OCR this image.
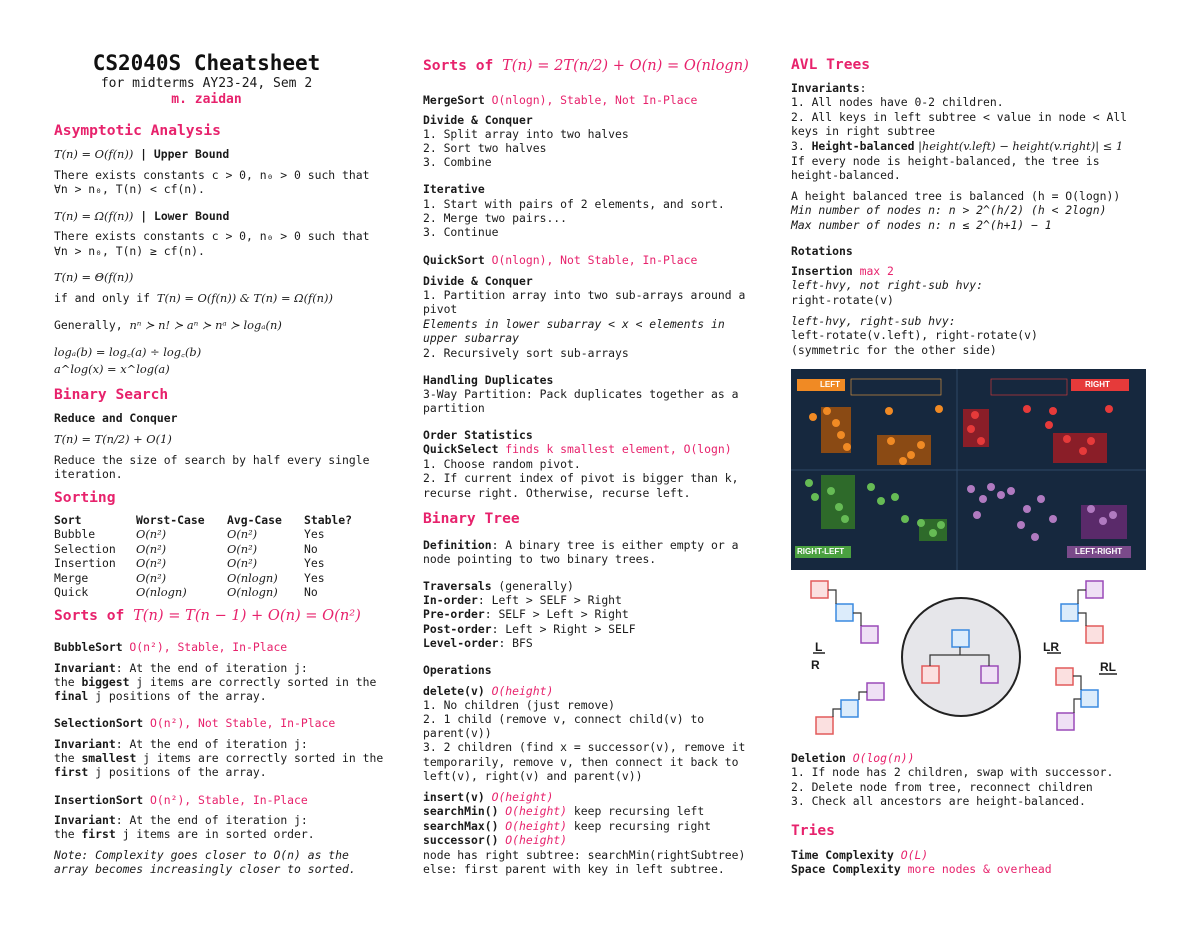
CS2040S Cheatsheet
for midterms AY23-24, Sem 2
m. zaidan
Asymptotic Analysis
T(n) = O(f(n)) | Upper Bound
There exists constants c > 0, n₀ > 0 such that
∀n > n₀, T(n) < cf(n).
T(n) = Ω(f(n)) | Lower Bound
There exists constants c > 0, n₀ > 0 such that
∀n > n₀, T(n) ≥ cf(n).
T(n) = Θ(f(n))
if and only if T(n) = O(f(n)) & T(n) = Ω(f(n))
Generally, nⁿ ≻ n! ≻ aⁿ ≻ nᵃ ≻ logₐ(n)
logₐ(b) = log꜀(a) ÷ log꜀(b)
a^log(x) = x^log(a)
Binary Search
Reduce and Conquer
T(n) = T(n/2) + O(1)
Reduce the size of search by half every single
iteration.
Sorting
Sort	Worst-Case	Avg-Case	Stable?
Bubble	O(n²)	O(n²)	Yes
Selection	O(n²)	O(n²)	No
Insertion	O(n²)	O(n²)	Yes
Merge	O(n²)	O(nlogn)	Yes
Quick	O(nlogn)	O(nlogn)	No
Sorts of T(n) = T(n − 1) + O(n) = O(n²)
BubbleSort O(n²), Stable, In-Place
Invariant: At the end of iteration j:
the biggest j items are correctly sorted in the
final j positions of the array.
SelectionSort O(n²), Not Stable, In-Place
Invariant: At the end of iteration j:
the smallest j items are correctly sorted in the
first j positions of the array.
InsertionSort O(n²), Stable, In-Place
Invariant: At the end of iteration j:
the first j items are in sorted order.
Note: Complexity goes closer to O(n) as the
array becomes increasingly closer to sorted.
Sorts of T(n) = 2T(n/2) + O(n) = O(nlogn)
MergeSort O(nlogn), Stable, Not In-Place
Divide & Conquer
1. Split array into two halves
2. Sort two halves
3. Combine
Iterative
1. Start with pairs of 2 elements, and sort.
2. Merge two pairs...
3. Continue
QuickSort O(nlogn), Not Stable, In-Place
Divide & Conquer
1. Partition array into two sub-arrays around a
pivot
Elements in lower subarray < x < elements in
upper subarray
2. Recursively sort sub-arrays
Handling Duplicates
3-Way Partition: Pack duplicates together as a
partition
Order Statistics
QuickSelect finds k smallest element, O(logn)
1. Choose random pivot.
2. If current index of pivot is bigger than k,
recurse right. Otherwise, recurse left.
Binary Tree
Definition: A binary tree is either empty or a
node pointing to two binary trees.
Traversals (generally)
In-order: Left > SELF > Right
Pre-order: SELF > Left > Right
Post-order: Left > Right > SELF
Level-order: BFS
Operations
delete(v) O(height)
1. No children (just remove)
2. 1 child (remove v, connect child(v) to
parent(v))
3. 2 children (find x = successor(v), remove it
temporarily, remove v, then connect it back to
left(v), right(v) and parent(v))
insert(v) O(height)
searchMin() O(height) keep recursing left
searchMax() O(height) keep recursing right
successor() O(height)
node has right subtree: searchMin(rightSubtree)
else: first parent with key in left subtree.
AVL Trees
Invariants:
1. All nodes have 0-2 children.
2. All keys in left subtree < value in node < All
keys in right subtree
3. Height-balanced |height(v.left) − height(v.right)| ≤ 1
If every node is height-balanced, the tree is
height-balanced.
A height balanced tree is balanced (h = O(logn))
Min number of nodes n: n > 2^(h/2) (h < 2logn)
Max number of nodes n: n ≤ 2^(h+1) − 1
Rotations
Insertion max 2
left-hvy, not right-sub hvy:
right-rotate(v)
left-hvy, right-sub hvy:
left-rotate(v.left), right-rotate(v)
(symmetric for the other side)
LEFT	RIGHT
RIGHT-LEFT	LEFT-RIGHT
L
R
LR
RL
Deletion O(log(n))
1. If node has 2 children, swap with successor.
2. Delete node from tree, reconnect children
3. Check all ancestors are height-balanced.
Tries
Time Complexity O(L)
Space Complexity more nodes & overhead
